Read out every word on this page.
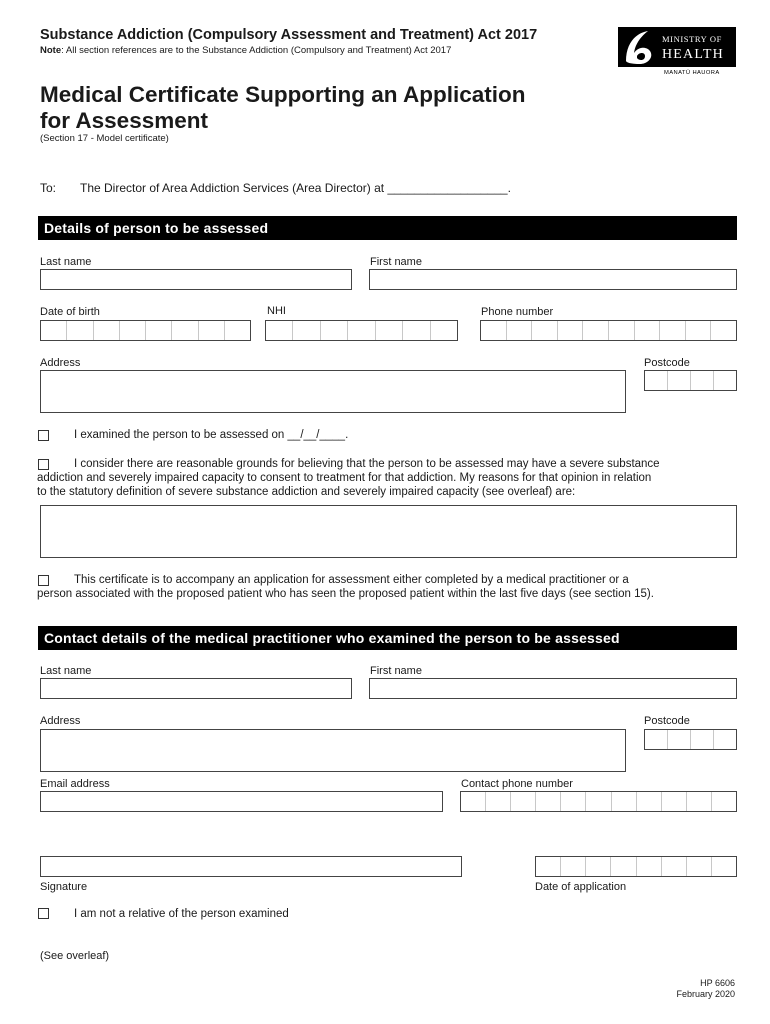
Substance Addiction (Compulsory Assessment and Treatment) Act 2017
Note: All section references are to the Substance Addiction (Compulsory and Treatment) Act 2017
MINISTRY OF
HEALTH
MANATŪ HAUORA
Medical Certificate Supporting an Application
for Assessment
(Section 17 - Model certificate)
To: The Director of Area Addiction Services (Area Director) at __________________.
Details of person to be assessed
Last name	First name
Date of birth	NHI	Phone number
Address	Postcode
I examined the person to be assessed on __/__/____.
I consider there are reasonable grounds for believing that the person to be assessed may have a severe substance
addiction and severely impaired capacity to consent to treatment for that addiction. My reasons for that opinion in relation
to the statutory definition of severe substance addiction and severely impaired capacity (see overleaf) are:
This certificate is to accompany an application for assessment either completed by a medical practitioner or a
person associated with the proposed patient who has seen the proposed patient within the last five days (see section 15).
Contact details of the medical practitioner who examined the person to be assessed
Last name	First name
Address	Postcode
Email address	Contact phone number
Signature	Date of application
I am not a relative of the person examined
(See overleaf)
HP 6606
February 2020
